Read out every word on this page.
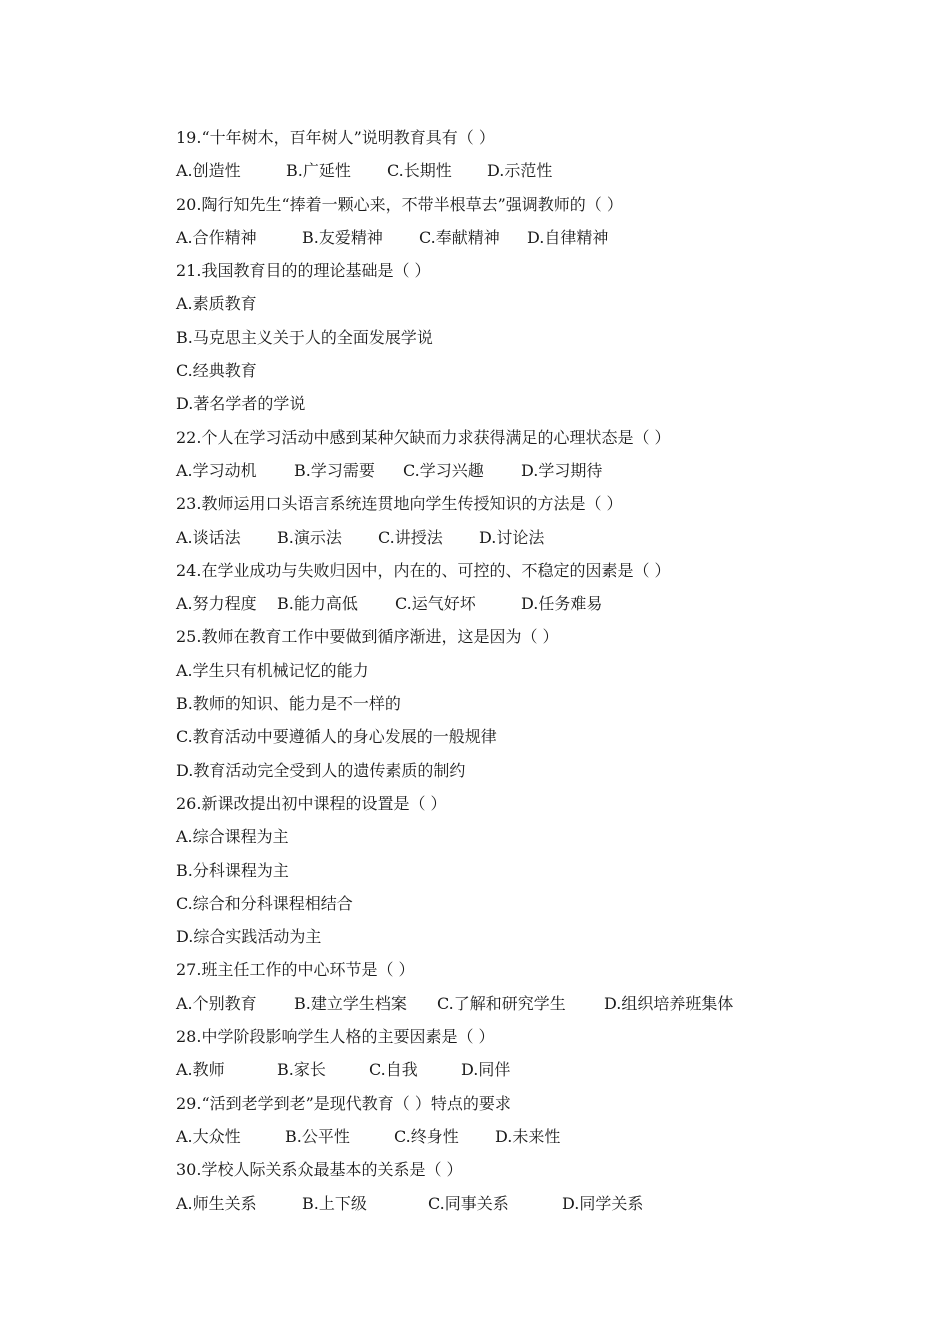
19.“十年树木，百年树人”说明教育具有（ ）
A.创造性	B.广延性	C.长期性	D.示范性
20.陶行知先生“捧着一颗心来，不带半根草去”强调教师的（ ）
A.合作精神	B.友爱精神	C.奉献精神	D.自律精神
21.我国教育目的的理论基础是（ ）
A.素质教育
B.马克思主义关于人的全面发展学说
C.经典教育
D.著名学者的学说
22.个人在学习活动中感到某种欠缺而力求获得满足的心理状态是（ ）
A.学习动机	B.学习需要	C.学习兴趣	D.学习期待
23.教师运用口头语言系统连贯地向学生传授知识的方法是（ ）
A.谈话法	B.演示法	C.讲授法	D.讨论法
24.在学业成功与失败归因中，内在的、可控的、不稳定的因素是（ ）
A.努力程度	B.能力高低	C.运气好坏	D.任务难易
25.教师在教育工作中要做到循序渐进，这是因为（ ）
A.学生只有机械记忆的能力
B.教师的知识、能力是不一样的
C.教育活动中要遵循人的身心发展的一般规律
D.教育活动完全受到人的遗传素质的制约
26.新课改提出初中课程的设置是（ ）
A.综合课程为主
B.分科课程为主
C.综合和分科课程相结合
D.综合实践活动为主
27.班主任工作的中心环节是（ ）
A.个别教育	B.建立学生档案	C.了解和研究学生	D.组织培养班集体
28.中学阶段影响学生人格的主要因素是（ ）
A.教师	B.家长	C.自我	D.同伴
29.“活到老学到老”是现代教育（ ）特点的要求
A.大众性	B.公平性	C.终身性	D.未来性
30.学校人际关系众最基本的关系是（ ）
A.师生关系	B.上下级	C.同事关系	D.同学关系
